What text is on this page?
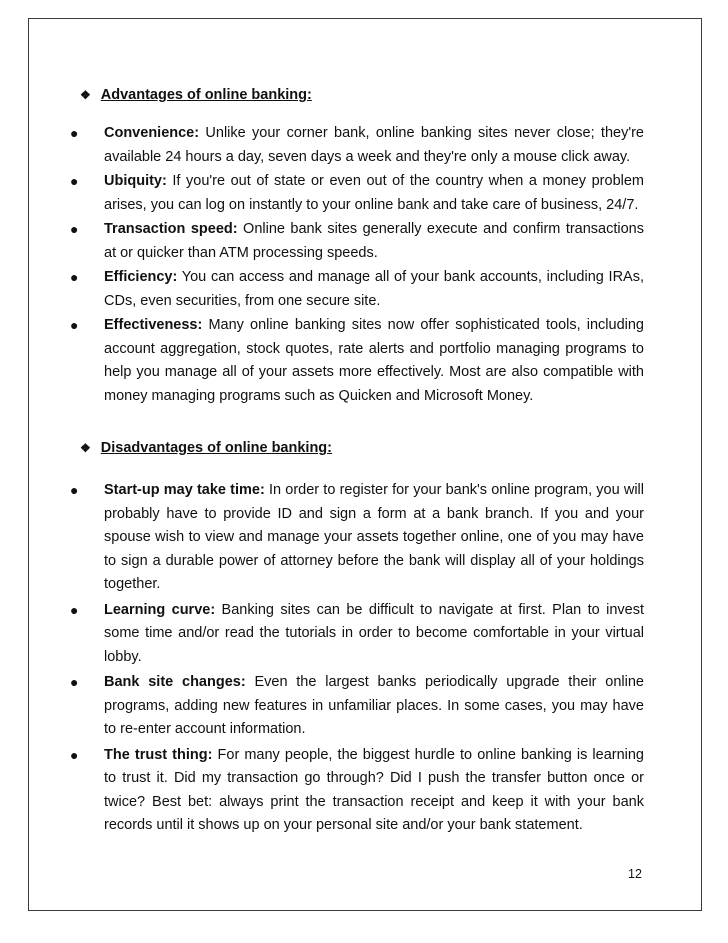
❖ Advantages of online banking:
● Convenience: Unlike your corner bank, online banking sites never close; they're available 24 hours a day, seven days a week and they're only a mouse click away.
● Ubiquity: If you're out of state or even out of the country when a money problem arises, you can log on instantly to your online bank and take care of business, 24/7.
● Transaction speed: Online bank sites generally execute and confirm transactions at or quicker than ATM processing speeds.
● Efficiency: You can access and manage all of your bank accounts, including IRAs, CDs, even securities, from one secure site.
● Effectiveness: Many online banking sites now offer sophisticated tools, including account aggregation, stock quotes, rate alerts and portfolio managing programs to help you manage all of your assets more effectively. Most are also compatible with money managing programs such as Quicken and Microsoft Money.
❖ Disadvantages of online banking:
● Start-up may take time: In order to register for your bank's online program, you will probably have to provide ID and sign a form at a bank branch. If you and your spouse wish to view and manage your assets together online, one of you may have to sign a durable power of attorney before the bank will display all of your holdings together.
● Learning curve: Banking sites can be difficult to navigate at first. Plan to invest some time and/or read the tutorials in order to become comfortable in your virtual lobby.
● Bank site changes: Even the largest banks periodically upgrade their online programs, adding new features in unfamiliar places. In some cases, you may have to re-enter account information.
● The trust thing: For many people, the biggest hurdle to online banking is learning to trust it. Did my transaction go through? Did I push the transfer button once or twice? Best bet: always print the transaction receipt and keep it with your bank records until it shows up on your personal site and/or your bank statement.
12
